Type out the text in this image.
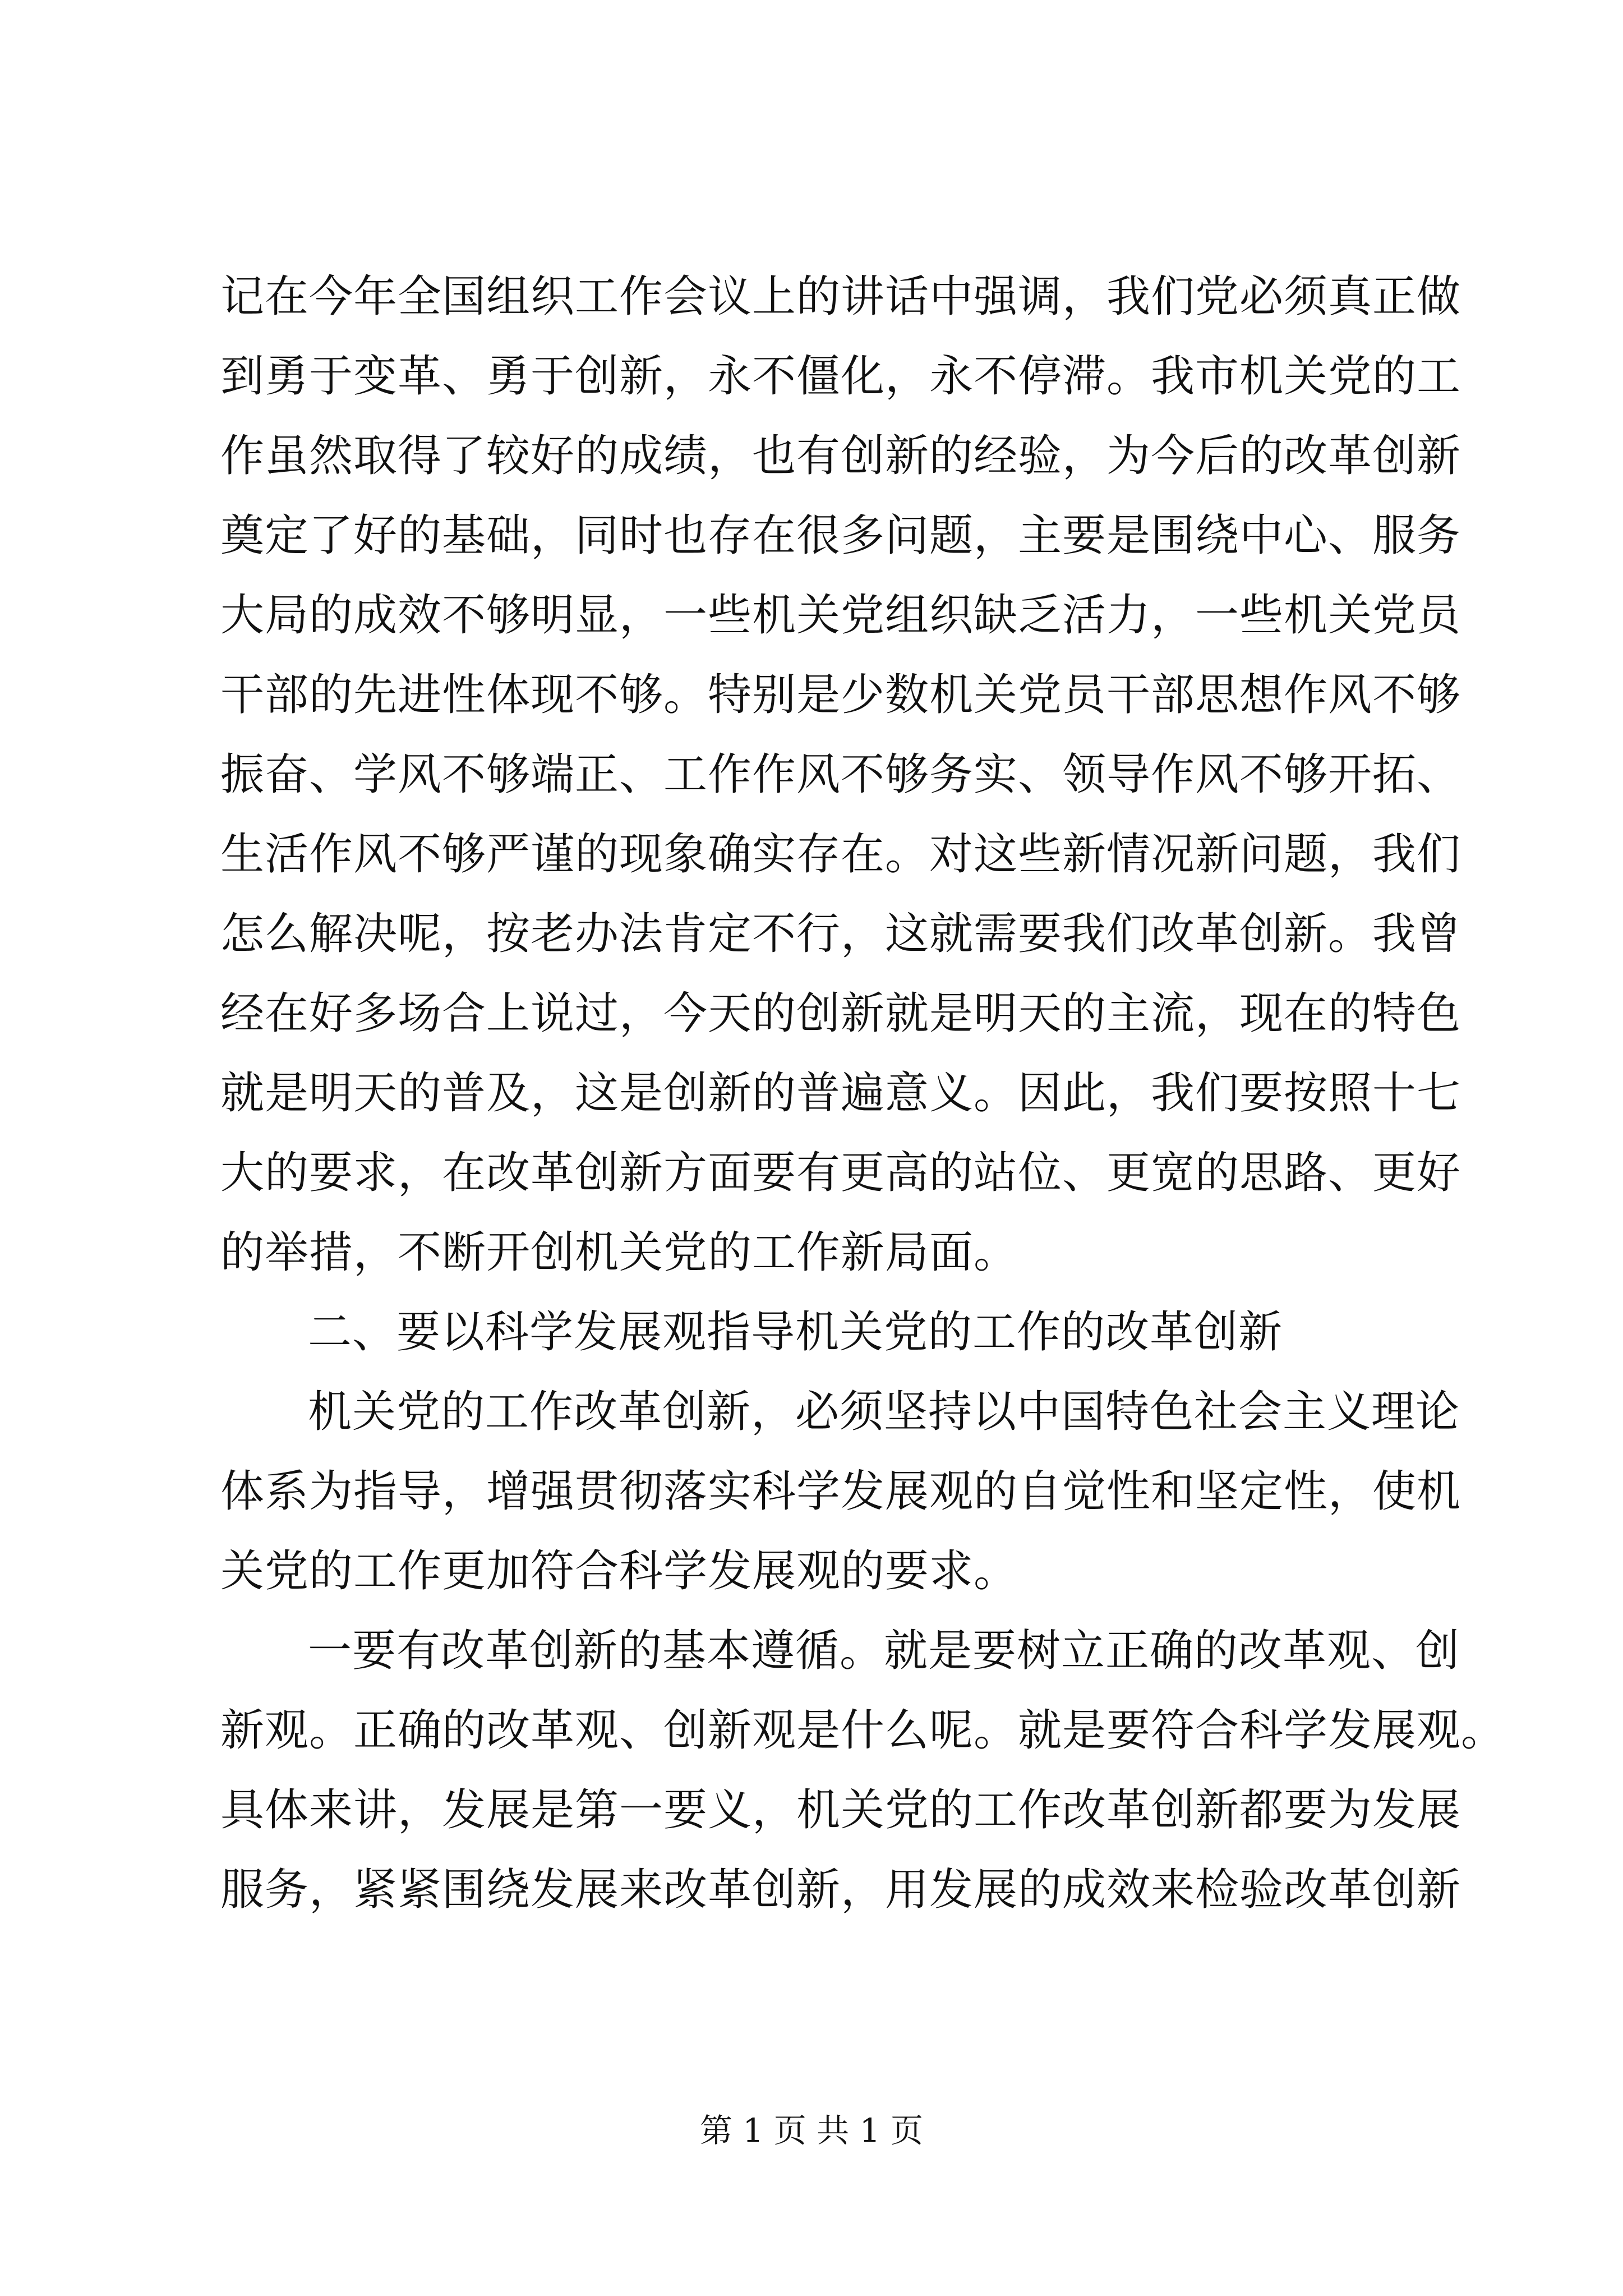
记在今年全国组织工作会议上的讲话中强调，我们党必须真正做
到勇于变革、勇于创新，永不僵化，永不停滞。我市机关党的工
作虽然取得了较好的成绩，也有创新的经验，为今后的改革创新
奠定了好的基础，同时也存在很多问题，主要是围绕中心、服务
大局的成效不够明显，一些机关党组织缺乏活力，一些机关党员
干部的先进性体现不够。特别是少数机关党员干部思想作风不够
振奋、学风不够端正、工作作风不够务实、领导作风不够开拓、
生活作风不够严谨的现象确实存在。对这些新情况新问题，我们
怎么解决呢，按老办法肯定不行，这就需要我们改革创新。我曾
经在好多场合上说过，今天的创新就是明天的主流，现在的特色
就是明天的普及，这是创新的普遍意义。因此，我们要按照十七
大的要求，在改革创新方面要有更高的站位、更宽的思路、更好
的举措，不断开创机关党的工作新局面。
二、要以科学发展观指导机关党的工作的改革创新
机关党的工作改革创新，必须坚持以中国特色社会主义理论
体系为指导，增强贯彻落实科学发展观的自觉性和坚定性，使机
关党的工作更加符合科学发展观的要求。
一要有改革创新的基本遵循。就是要树立正确的改革观、创
新观。正确的改革观、创新观是什么呢。就是要符合科学发展观。
具体来讲，发展是第一要义，机关党的工作改革创新都要为发展
服务，紧紧围绕发展来改革创新，用发展的成效来检验改革创新
第 1 页 共 1 页
